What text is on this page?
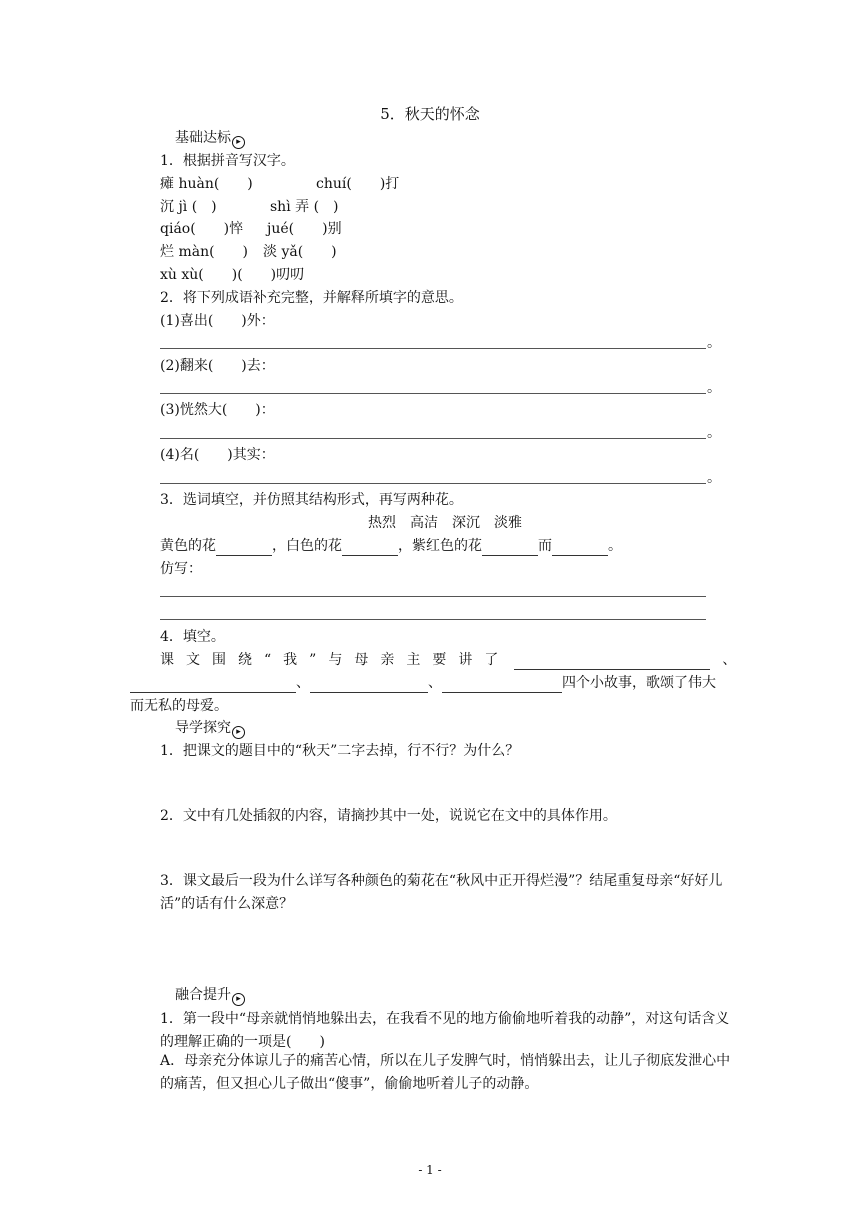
5．秋天的怀念
基础达标 ▸
1．根据拼音写汉字。
瘫 huàn(　　)	chuí(　　)打
沉 jì (　)	shì 弄 (　)
qiáo(　　)悴 jué(　　)别
烂 màn(　　) 淡 yǎ(　　)
xù xù(　　)(　　)叨叨
2．将下列成语补充完整，并解释所填字的意思。
(1)喜出(　　)外：
。
(2)翻来(　　)去：
。
(3)恍然大(　　)：
。
(4)名(　　)其实：
。
3．选词填空，并仿照其结构形式，再写两种花。
热烈　高洁　深沉　淡雅
黄色的花	，白色的花	，紫红色的花	而	。
仿写：
4．填空。
课文围绕“我”与母亲主要讲了	、
、	、	四个小故事，歌颂了伟大
而无私的母爱。
导学探究 ▸
1．把课文的题目中的“秋天”二字去掉，行不行？为什么？
2．文中有几处插叙的内容，请摘抄其中一处，说说它在文中的具体作用。
3．课文最后一段为什么详写各种颜色的菊花在“秋风中正开得烂漫”？结尾重复母亲“好好儿活”的话有什么深意？
融合提升 ▸
1．第一段中“母亲就悄悄地躲出去，在我看不见的地方偷偷地听着我的动静”，对这句话含义的理解正确的一项是(　　)
A．母亲充分体谅儿子的痛苦心情，所以在儿子发脾气时，悄悄躲出去，让儿子彻底发泄心中的痛苦，但又担心儿子做出“傻事”，偷偷地听着儿子的动静。
- 1 -
